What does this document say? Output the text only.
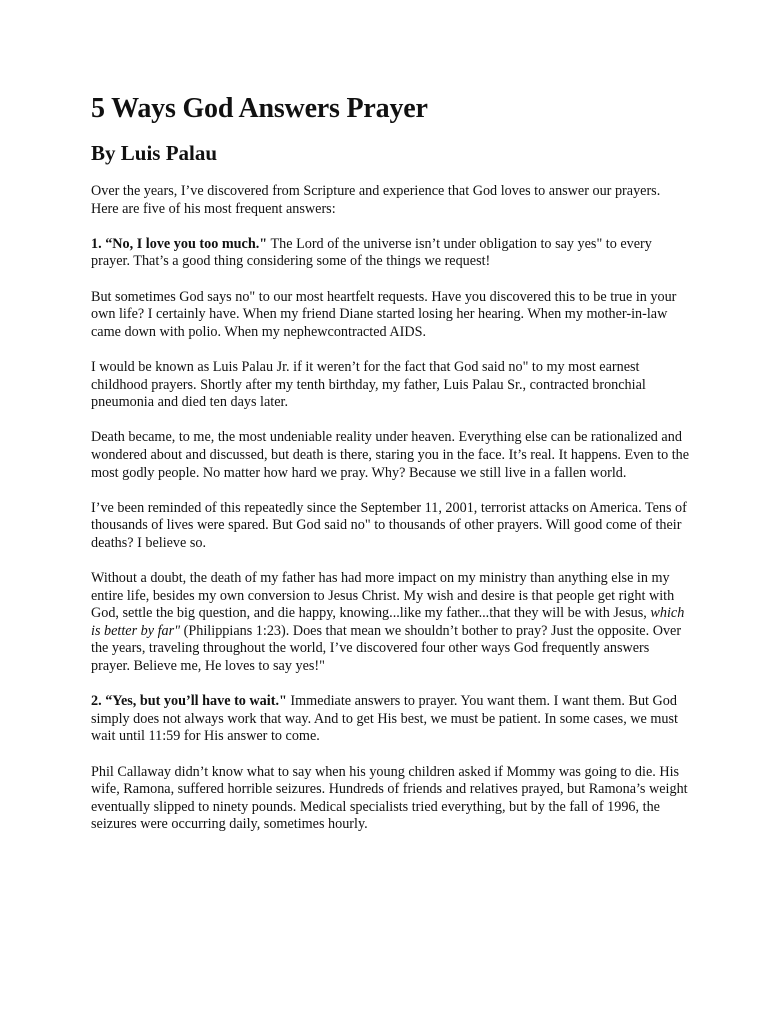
5 Ways God Answers Prayer
By Luis Palau

Over the years, I’ve discovered from Scripture and experience that God loves to answer our prayers. Here are five of his most frequent answers:

1. “No, I love you too much." The Lord of the universe isn’t under obligation to say yes" to every prayer. That’s a good thing considering some of the things we request!

But sometimes God says no" to our most heartfelt requests. Have you discovered this to be true in your own life? I certainly have. When my friend Diane started losing her hearing. When my mother-in-law came down with polio. When my nephewcontracted AIDS.

I would be known as Luis Palau Jr. if it weren’t for the fact that God said no" to my most earnest childhood prayers. Shortly after my tenth birthday, my father, Luis Palau Sr., contracted bronchial pneumonia and died ten days later.

Death became, to me, the most undeniable reality under heaven. Everything else can be rationalized and wondered about and discussed, but death is there, staring you in the face. It’s real. It happens. Even to the most godly people. No matter how hard we pray. Why? Because we still live in a fallen world.

I’ve been reminded of this repeatedly since the September 11, 2001, terrorist attacks on America. Tens of thousands of lives were spared. But God said no" to thousands of other prayers. Will good come of their deaths? I believe so.

Without a doubt, the death of my father has had more impact on my ministry than anything else in my entire life, besides my own conversion to Jesus Christ. My wish and desire is that people get right with God, settle the big question, and die happy, knowing...like my father...that they will be with Jesus, which is better by far" (Philippians 1:23). Does that mean we shouldn’t bother to pray? Just the opposite. Over the years, traveling throughout the world, I’ve discovered four other ways God frequently answers prayer. Believe me, He loves to say yes!"

2. “Yes, but you’ll have to wait." Immediate answers to prayer. You want them. I want them. But God simply does not always work that way. And to get His best, we must be patient. In some cases, we must wait until 11:59 for His answer to come.

Phil Callaway didn’t know what to say when his young children asked if Mommy was going to die. His wife, Ramona, suffered horrible seizures. Hundreds of friends and relatives prayed, but Ramona’s weight eventually slipped to ninety pounds. Medical specialists tried everything, but by the fall of 1996, the seizures were occurring daily, sometimes hourly.
